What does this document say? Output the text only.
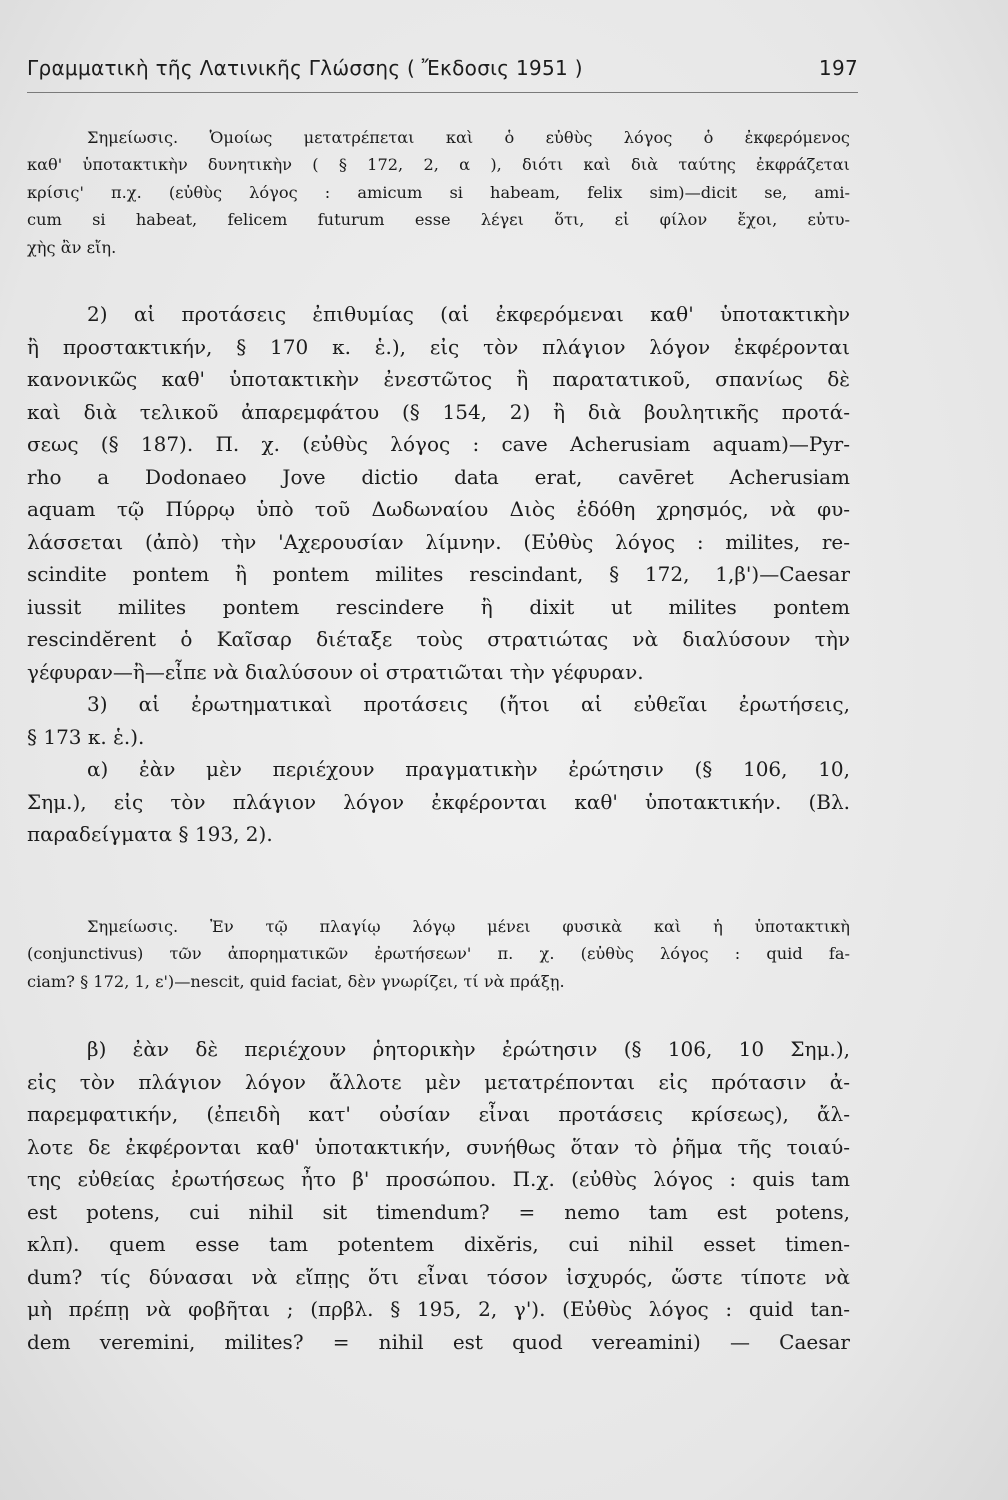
Γραμματικὴ τῆς Λατινικῆς Γλώσσης ( Ἔκδοσις 1951 )	197
Σημείωσις. Ὁμοίως μετατρέπεται καὶ ὁ εὐθὺς λόγος ὁ ἐκφερόμενος
καθ' ὑποτακτικὴν δυνητικὴν ( § 172, 2, α ), διότι καὶ διὰ ταύτης ἐκφράζεται
κρίσις' π.χ. (εὐθὺς λόγος : amicum si habeam, felix sim)—dicit se, ami-
cum si habeat, felicem futurum esse λέγει ὅτι, εἰ φίλον ἔχοι, εὐτυ-
χὴς ἂν εἴη.
2) αἱ προτάσεις ἐπιθυμίας (αἱ ἐκφερόμεναι καθ' ὑποτακτικὴν
ἢ προστακτικήν, § 170 κ. ἑ.), εἰς τὸν πλάγιον λόγον ἐκφέρονται
κανονικῶς καθ' ὑποτακτικὴν ἐνεστῶτος ἢ παρατατικοῦ, σπανίως δὲ
καὶ διὰ τελικοῦ ἀπαρεμφάτου (§ 154, 2) ἢ διὰ βουλητικῆς προτά-
σεως (§ 187). Π. χ. (εὐθὺς λόγος : cave Acherusiam aquam)—Pyr-
rho a Dodonaeo Jove dictio data erat, cavēret Acherusiam
aquam τῷ Πύρρῳ ὑπὸ τοῦ Δωδωναίου Διὸς ἐδόθη χρησμός, νὰ φυ-
λάσσεται (ἀπὸ) τὴν 'Αχερουσίαν λίμνην. (Εὐθὺς λόγος : milites, re-
scindite pontem ἢ pontem milites rescindant, § 172, 1,β')—Caesar
iussit milites pontem rescindere ἢ dixit ut milites pontem
rescindĕrent ὁ Καῖσαρ διέταξε τοὺς στρατιώτας νὰ διαλύσουν τὴν
γέφυραν—ἢ—εἶπε νὰ διαλύσουν οἱ στρατιῶται τὴν γέφυραν.
3) αἱ ἐρωτηματικαὶ προτάσεις (ἤτοι αἱ εὐθεῖαι ἐρωτήσεις,
§ 173 κ. ἑ.).
α) ἐὰν μὲν περιέχουν πραγματικὴν ἐρώτησιν (§ 106, 10,
Σημ.), εἰς τὸν πλάγιον λόγον ἐκφέρονται καθ' ὑποτακτικήν. (Βλ.
παραδείγματα § 193, 2).
Σημείωσις. Ἐν τῷ πλαγίῳ λόγῳ μένει φυσικὰ καὶ ἡ ὑποτακτικὴ
(conjunctivus) τῶν ἀπορηματικῶν ἐρωτήσεων' π. χ. (εὐθὺς λόγος : quid fa-
ciam? § 172, 1, ε')—nescit, quid faciat, δὲν γνωρίζει, τί νὰ πράξῃ.
β) ἐὰν δὲ περιέχουν ῥητορικὴν ἐρώτησιν (§ 106, 10 Σημ.),
εἰς τὸν πλάγιον λόγον ἄλλοτε μὲν μετατρέπονται εἰς πρότασιν ἀ-
παρεμφατικήν, (ἐπειδὴ κατ' οὐσίαν εἶναι προτάσεις κρίσεως), ἄλ-
λοτε δε ἐκφέρονται καθ' ὑποτακτικήν, συνήθως ὅταν τὸ ῥῆμα τῆς τοιαύ-
της εὐθείας ἐρωτήσεως ἦτο β' προσώπου. Π.χ. (εὐθὺς λόγος : quis tam
est potens, cui nihil sit timendum? = nemo tam est potens,
κλπ). quem esse tam potentem dixĕris, cui nihil esset timen-
dum? τίς δύνασαι νὰ εἴπῃς ὅτι εἶναι τόσον ἰσχυρός, ὥστε τίποτε νὰ
μὴ πρέπῃ νὰ φοβῆται ; (πρβλ. § 195, 2, γ'). (Εὐθὺς λόγος : quid tan-
dem veremini, milites? = nihil est quod vereamini) — Caesar
